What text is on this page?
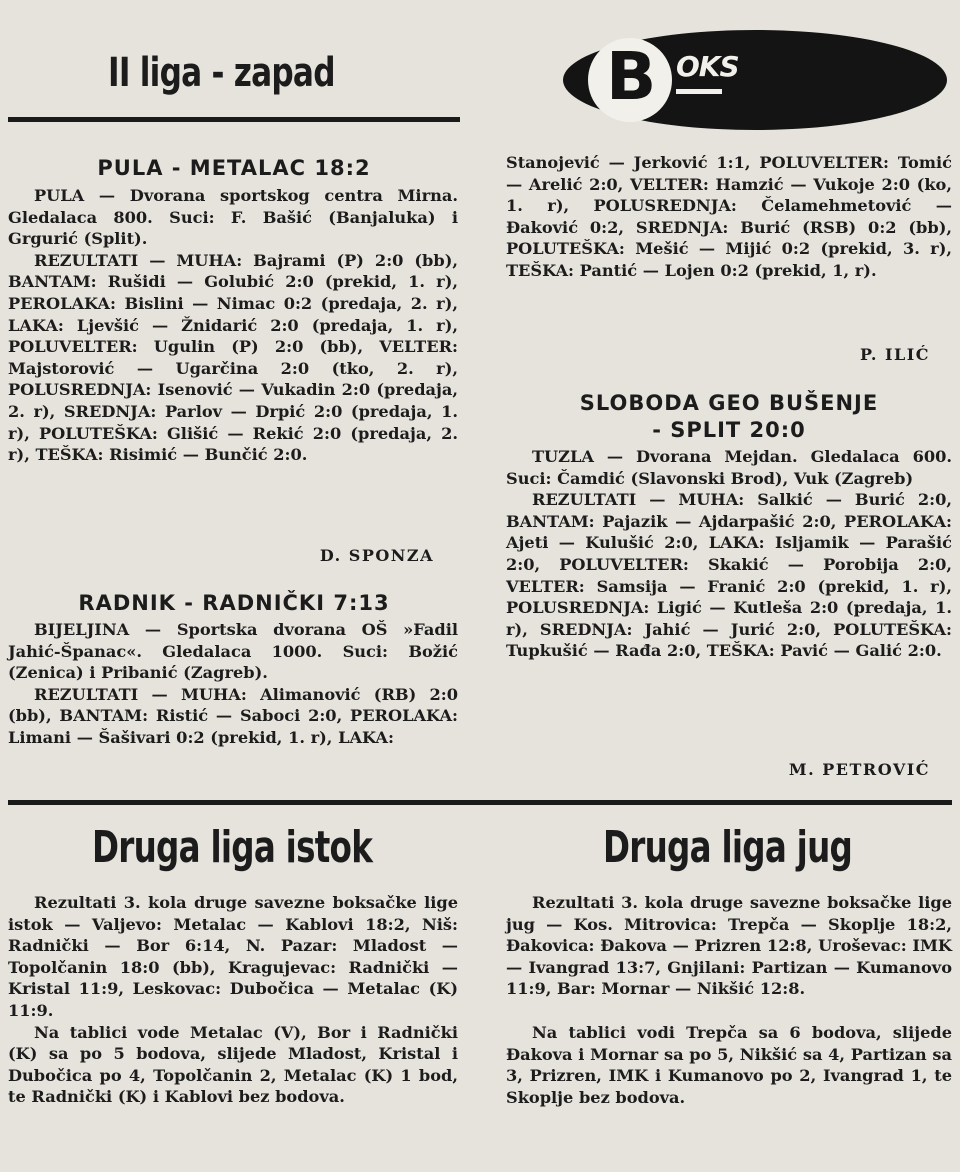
II liga - zapad	B OKS
PULA - METALAC 18:2

PULA — Dvorana sportskog centra Mirna. Gledalaca 800. Suci: F. Bašić (Banjaluka) i Grgurić (Split).

REZULTATI — MUHA: Bajrami (P) 2:0 (bb), BANTAM: Rušidi — Golubić 2:0 (prekid, 1. r), PEROLAKA: Bislini — Nimac 0:2 (predaja, 2. r), LAKA: Ljevšić — Žnidarić 2:0 (predaja, 1. r), POLUVELTER: Ugulin (P) 2:0 (bb), VELTER: Majstorović — Ugarčina 2:0 (tko, 2. r), POLUSREDNJA: Isenović — Vukadin 2:0 (predaja, 2. r), SREDNJA: Parlov — Drpić 2:0 (predaja, 1. r), POLUTEŠKA: Glišić — Rekić 2:0 (predaja, 2. r), TEŠKA: Risimić — Bunčić 2:0.

D. SPONZA
RADNIK - RADNIČKI 7:13

BIJELJINA — Sportska dvorana OŠ »Fadil Jahić-Španac«. Gledalaca 1000. Suci: Božić (Zenica) i Pribanić (Zagreb).

REZULTATI — MUHA: Alimanović (RB) 2:0 (bb), BANTAM: Ristić — Saboci 2:0, PEROLAKA: Limani — Šašivari 0:2 (prekid, 1. r), LAKA:

Stanojević — Jerković 1:1, POLUVELTER: Tomić — Arelić 2:0, VELTER: Hamzić — Vukoje 2:0 (ko, 1. r), POLUSREDNJA: Čelamehmetović — Đaković 0:2, SREDNJA: Burić (RSB) 0:2 (bb), POLUTEŠKA: Mešić — Mijić 0:2 (prekid, 3. r), TEŠKA: Pantić — Lojen 0:2 (prekid, 1, r).

P. ILIĆ
SLOBODA GEO BUŠENJE
- SPLIT 20:0

TUZLA — Dvorana Mejdan. Gledalaca 600. Suci: Čamdić (Slavonski Brod), Vuk (Zagreb)

REZULTATI — MUHA: Salkić — Burić 2:0, BANTAM: Pajazik — Ajdarpašić 2:0, PEROLAKA: Ajeti — Kulušić 2:0, LAKA: Isljamik — Parašić 2:0, POLUVELTER: Skakić — Porobija 2:0, VELTER: Samsija — Franić 2:0 (prekid, 1. r), POLUSREDNJA: Ligić — Kutleša 2:0 (predaja, 1. r), SREDNJA: Jahić — Jurić 2:0, POLUTEŠKA: Tupkušić — Rađa 2:0, TEŠKA: Pavić — Galić 2:0.

M. PETROVIĆ
Druga liga istok

Rezultati 3. kola druge savezne boksačke lige istok — Valjevo: Metalac — Kablovi 18:2, Niš: Radnički — Bor 6:14, N. Pazar: Mladost — Topolčanin 18:0 (bb), Kragujevac: Radnički — Kristal 11:9, Leskovac: Dubočica — Metalac (K) 11:9.

Na tablici vode Metalac (V), Bor i Radnički (K) sa po 5 bodova, slijede Mladost, Kristal i Dubočica po 4, Topolčanin 2, Metalac (K) 1 bod, te Radnički (K) i Kablovi bez bodova.

Druga liga jug

Rezultati 3. kola druge savezne boksačke lige jug — Kos. Mitrovica: Trepča — Skoplje 18:2, Đakovica: Đakova — Prizren 12:8, Uroševac: IMK — Ivangrad 13:7, Gnjilani: Partizan — Kumanovo 11:9, Bar: Mornar — Nikšić 12:8.

Na tablici vodi Trepča sa 6 bodova, slijede Đakova i Mornar sa po 5, Nikšić sa 4, Partizan sa 3, Prizren, IMK i Kumanovo po 2, Ivangrad 1, te Skoplje bez bodova.
